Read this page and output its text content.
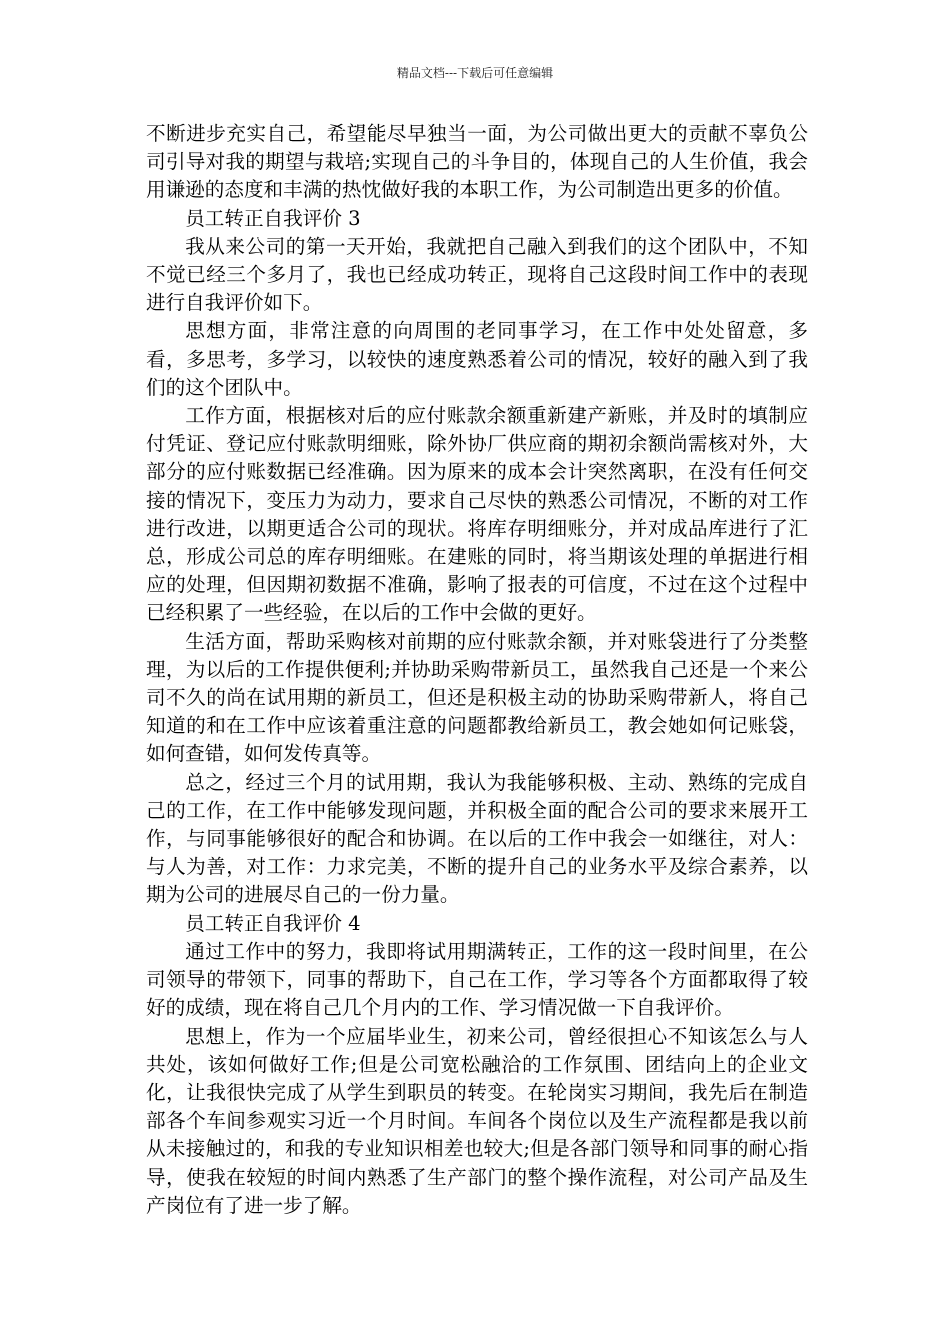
精品文档---下载后可任意编辑

不断进步充实自己，希望能尽早独当一面，为公司做出更大的贡献不辜负公司引导对我的期望与栽培;实现自己的斗争目的，体现自己的人生价值，我会用谦逊的态度和丰满的热忱做好我的本职工作，为公司制造出更多的价值。

员工转正自我评价 3

我从来公司的第一天开始，我就把自己融入到我们的这个团队中，不知不觉已经三个多月了，我也已经成功转正，现将自己这段时间工作中的表现进行自我评价如下。

思想方面，非常注意的向周围的老同事学习，在工作中处处留意，多看，多思考，多学习，以较快的速度熟悉着公司的情况，较好的融入到了我们的这个团队中。

工作方面，根据核对后的应付账款余额重新建产新账，并及时的填制应付凭证、登记应付账款明细账，除外协厂供应商的期初余额尚需核对外，大部分的应付账数据已经准确。因为原来的成本会计突然离职，在没有任何交接的情况下，变压力为动力，要求自己尽快的熟悉公司情况，不断的对工作进行改进，以期更适合公司的现状。将库存明细账分，并对成品库进行了汇总，形成公司总的库存明细账。在建账的同时，将当期该处理的单据进行相应的处理，但因期初数据不准确，影响了报表的可信度，不过在这个过程中已经积累了一些经验，在以后的工作中会做的更好。

生活方面，帮助采购核对前期的应付账款余额，并对账袋进行了分类整理，为以后的工作提供便利;并协助采购带新员工，虽然我自己还是一个来公司不久的尚在试用期的新员工，但还是积极主动的协助采购带新人，将自己知道的和在工作中应该着重注意的问题都教给新员工，教会她如何记账袋，如何查错，如何发传真等。

总之，经过三个月的试用期，我认为我能够积极、主动、熟练的完成自己的工作，在工作中能够发现问题，并积极全面的配合公司的要求来展开工作，与同事能够很好的配合和协调。在以后的工作中我会一如继往，对人：与人为善，对工作：力求完美，不断的提升自己的业务水平及综合素养，以期为公司的进展尽自己的一份力量。

员工转正自我评价 4

通过工作中的努力，我即将试用期满转正，工作的这一段时间里，在公司领导的带领下，同事的帮助下，自己在工作，学习等各个方面都取得了较好的成绩，现在将自己几个月内的工作、学习情况做一下自我评价。

思想上，作为一个应届毕业生，初来公司，曾经很担心不知该怎么与人共处，该如何做好工作;但是公司宽松融洽的工作氛围、团结向上的企业文化，让我很快完成了从学生到职员的转变。在轮岗实习期间，我先后在制造部各个车间参观实习近一个月时间。车间各个岗位以及生产流程都是我以前从未接触过的，和我的专业知识相差也较大;但是各部门领导和同事的耐心指导，使我在较短的时间内熟悉了生产部门的整个操作流程，对公司产品及生产岗位有了进一步了解。
